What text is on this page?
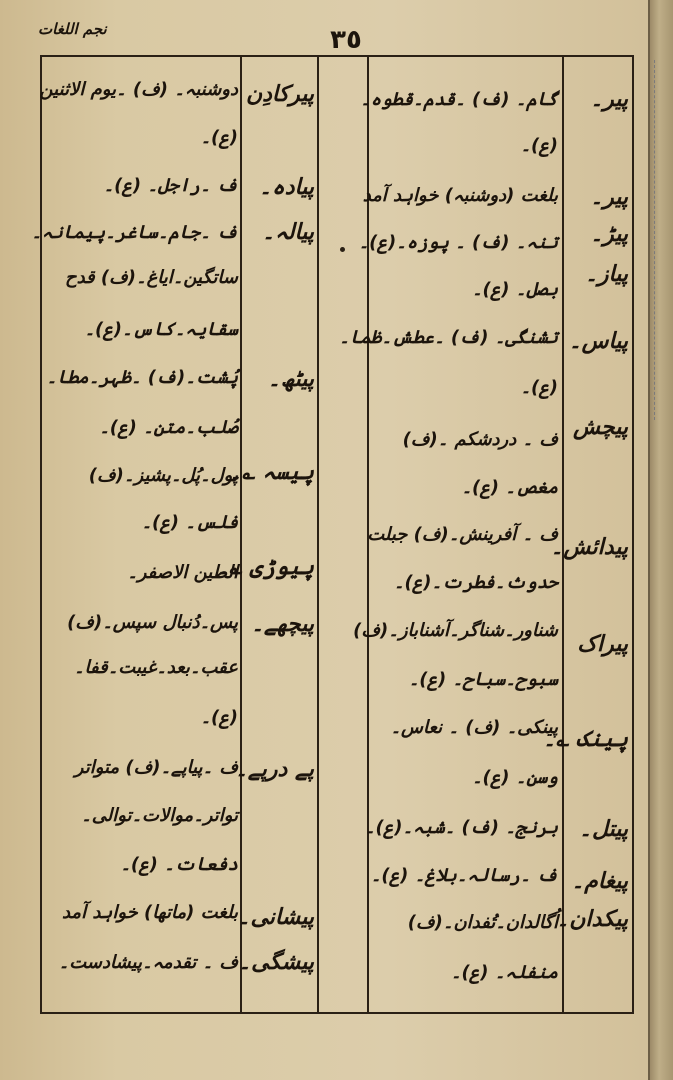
نجم اللغات	٣٥
پیر۔
پیر۔
پیڑ۔
پیاز۔
پیاس۔
پیچش
پیدائش۔
پیراک
پینک ؎۔
پیتل۔
پیغام۔
پیکدان۔
گام۔ (ف) ۔قدم۔قطوہ۔
(ع)۔
بلغت (دوشنبہ) خواہد آمد
تنہ۔ (ف) ۔ پوزہ۔(ع)۔
بصل۔ (ع)۔
تشنگی۔ (ف) ۔عطش۔ظما۔
(ع)۔
ف ۔ دردشکم ۔(ف)
مغص۔ (ع)۔
ف ۔ آفرینش۔(ف) جبلت
حدوث۔فطرت۔(ع)۔
شناور۔شناگر۔آشناباز۔(ف)
سبوح۔سباح۔ (ع)۔
پینکی۔ (ف) ۔ نعاس۔
وسن۔ (ع)۔
برنج۔ (ف) ۔شبہ۔(ع)۔
ف ۔رسالہ۔بلاغ۔ (ع)۔
اُگالدان۔تُفدان۔(ف)
منفلہ۔ (ع)۔
پیرکادِن
پیادہ۔
پیالہ۔
پیٹھ۔
پیسہ ؎۔
پیوڑی ؎۔
پیچھے۔
پے درپے۔
پیشانی۔
پیشگی۔
دوشنبہ۔ (ف) ۔یوم الاثنین
(ع)۔
ف ۔راجل۔ (ع)۔
ف ۔جام۔ساغر۔پیمانہ۔
ساتگین۔ایاغ۔(ف) قدح
سقایہ۔کاس۔(ع)۔
پُشت۔(ف) ۔ظہر۔مطا۔
صُلب۔متن۔ (ع)۔
پول۔پُل۔پشیز۔(ف)
فلس۔ (ع)۔
الطین الاصفر۔
پس۔دُنبال سپس۔(ف)
عقب۔بعد۔غیبت۔قفا۔
(ع)۔
ف ۔پیاپے۔(ف) متواتر
تواتر۔موالات۔توالی۔
دفعات۔ (ع)۔
بلغت (ماتھا) خواہد آمد
ف ۔ تقدمہ۔پیشادست۔
